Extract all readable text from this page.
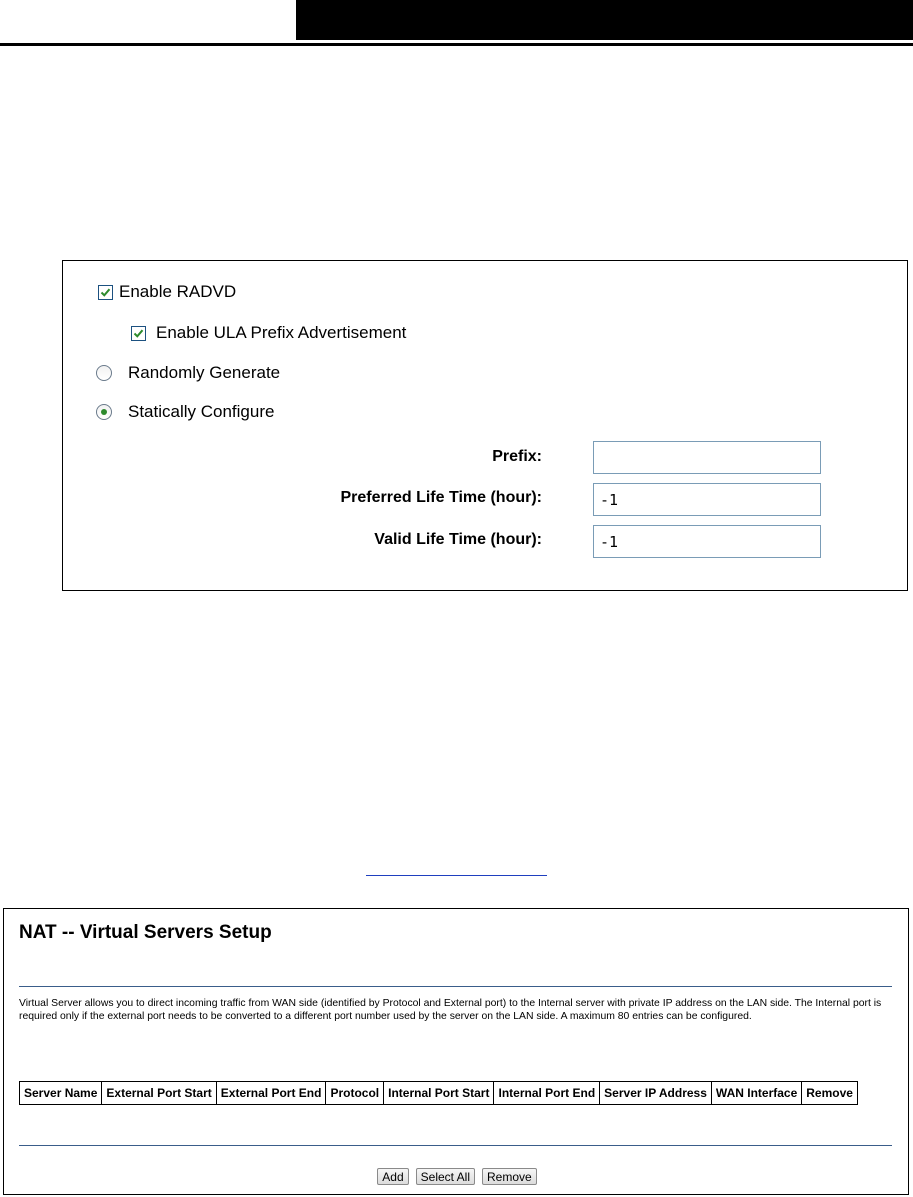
Enable RADVD
Enable ULA Prefix Advertisement
Randomly Generate
Statically Configure
Prefix:
Preferred Life Time (hour):	-1
Valid Life Time (hour):	-1
NAT -- Virtual Servers Setup
Virtual Server allows you to direct incoming traffic from WAN side (identified by Protocol and External port) to the Internal server with private IP address on the LAN side. The Internal port is required only if the external port needs to be converted to a different port number used by the server on the LAN side. A maximum 80 entries can be configured.
Server Name	External Port Start	External Port End	Protocol	Internal Port Start	Internal Port End	Server IP Address	WAN Interface	Remove
Add	Select All	Remove
